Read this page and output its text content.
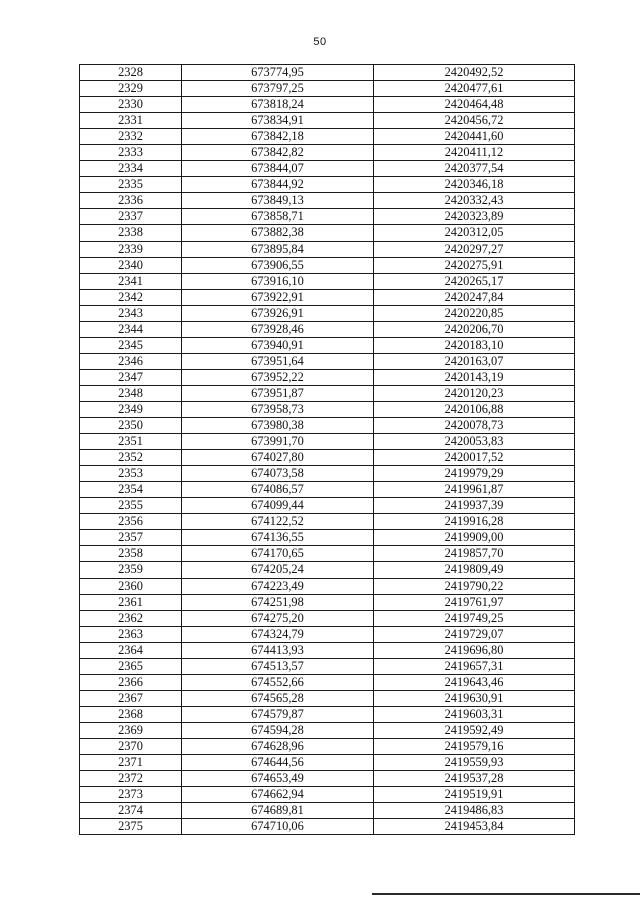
50
2328	673774,95	2420492,52
2329	673797,25	2420477,61
2330	673818,24	2420464,48
2331	673834,91	2420456,72
2332	673842,18	2420441,60
2333	673842,82	2420411,12
2334	673844,07	2420377,54
2335	673844,92	2420346,18
2336	673849,13	2420332,43
2337	673858,71	2420323,89
2338	673882,38	2420312,05
2339	673895,84	2420297,27
2340	673906,55	2420275,91
2341	673916,10	2420265,17
2342	673922,91	2420247,84
2343	673926,91	2420220,85
2344	673928,46	2420206,70
2345	673940,91	2420183,10
2346	673951,64	2420163,07
2347	673952,22	2420143,19
2348	673951,87	2420120,23
2349	673958,73	2420106,88
2350	673980,38	2420078,73
2351	673991,70	2420053,83
2352	674027,80	2420017,52
2353	674073,58	2419979,29
2354	674086,57	2419961,87
2355	674099,44	2419937,39
2356	674122,52	2419916,28
2357	674136,55	2419909,00
2358	674170,65	2419857,70
2359	674205,24	2419809,49
2360	674223,49	2419790,22
2361	674251,98	2419761,97
2362	674275,20	2419749,25
2363	674324,79	2419729,07
2364	674413,93	2419696,80
2365	674513,57	2419657,31
2366	674552,66	2419643,46
2367	674565,28	2419630,91
2368	674579,87	2419603,31
2369	674594,28	2419592,49
2370	674628,96	2419579,16
2371	674644,56	2419559,93
2372	674653,49	2419537,28
2373	674662,94	2419519,91
2374	674689,81	2419486,83
2375	674710,06	2419453,84
